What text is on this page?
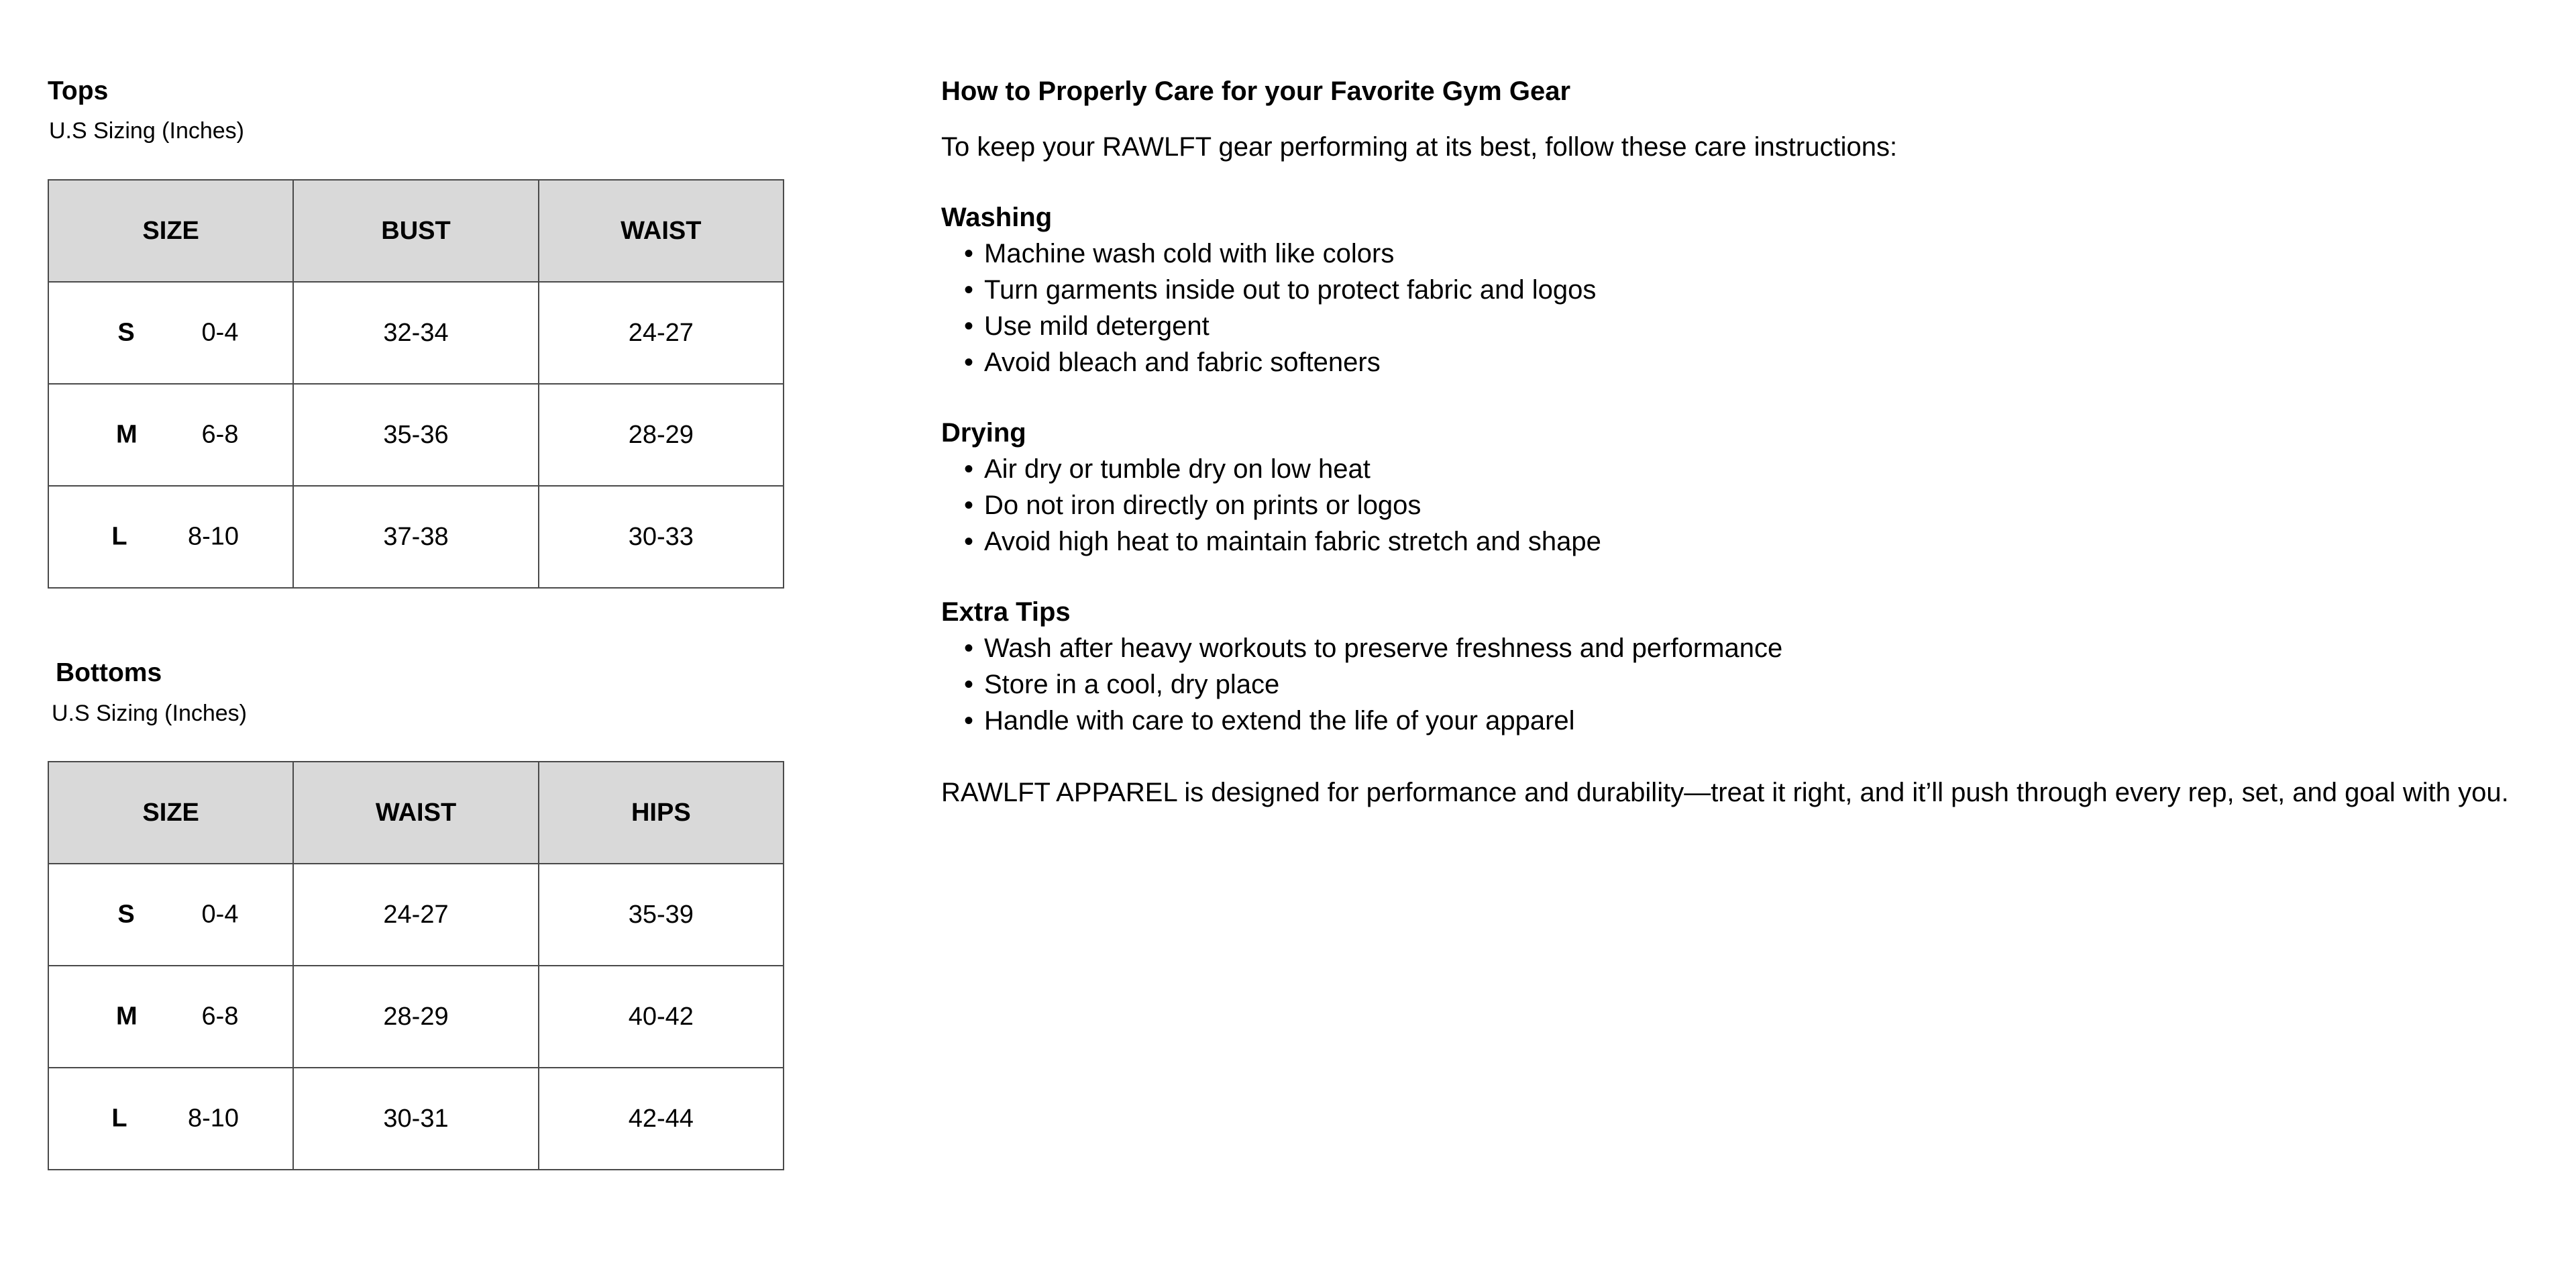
Tops
U.S Sizing (Inches)
SIZE	BUST	WAIST

S 0-4	32-34	24-27

M 6-8	35-36	28-29

L 8-10	37-38	30-33
Bottoms
U.S Sizing (Inches)
SIZE	WAIST	HIPS

S 0-4	24-27	35-39

M 6-8	28-29	40-42

L 8-10	30-31	42-44
How to Properly Care for your Favorite Gym Gear
To keep your RAWLFT gear performing at its best, follow these care instructions:
Washing
• Machine wash cold with like colors
• Turn garments inside out to protect fabric and logos
• Use mild detergent
• Avoid bleach and fabric softeners
Drying
• Air dry or tumble dry on low heat
• Do not iron directly on prints or logos
• Avoid high heat to maintain fabric stretch and shape
Extra Tips
• Wash after heavy workouts to preserve freshness and performance
• Store in a cool, dry place
• Handle with care to extend the life of your apparel
RAWLFT APPAREL is designed for performance and durability—treat it right, and it’ll push through every rep, set, and goal with you.
